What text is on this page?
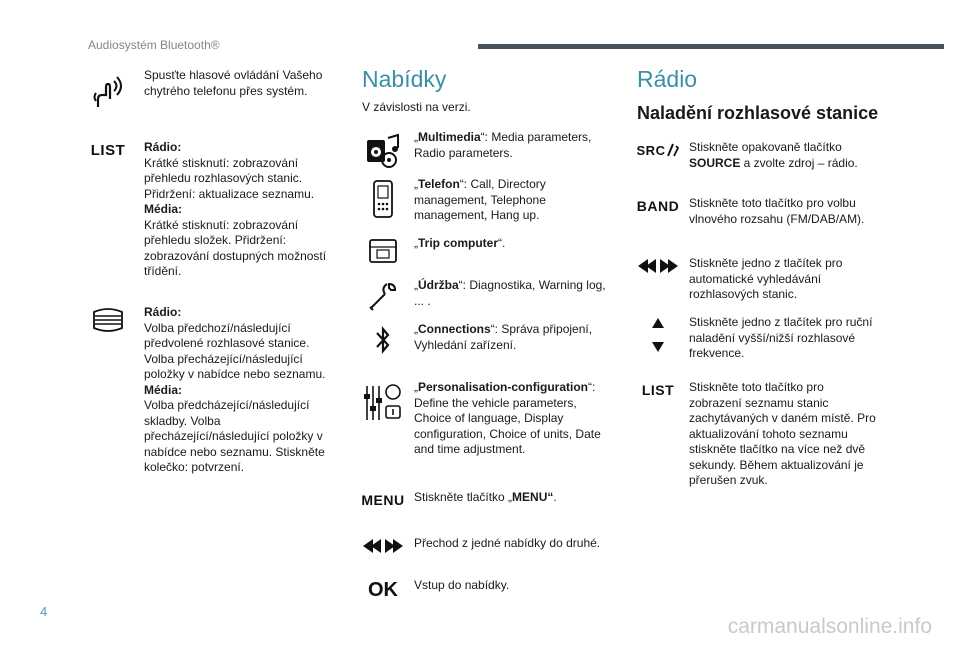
Audiosystém Bluetooth®
Spusťte hlasové ovládání Vašeho chytrého telefonu přes systém.
LIST	Rádio:
Krátké stisknutí: zobrazování přehledu rozhlasových stanic. Přidržení: aktualizace seznamu.
Média:
Krátké stisknutí: zobrazování přehledu složek. Přidržení: zobrazování dostupných možností třídění.
Rádio:
Volba předchozí/následující předvolené rozhlasové stanice. Volba přecházející/následující položky v nabídce nebo seznamu.
Média:
Volba předcházející/následující skladby. Volba přecházející/následující položky v nabídce nebo seznamu. Stiskněte kolečko: potvrzení.
Nabídky
V závislosti na verzi.
„Multimedia“: Media parameters, Radio parameters.
„Telefon“: Call, Directory management, Telephone management, Hang up.
„Trip computer“.
„Údržba“: Diagnostika, Warning log, ... .
„Connections“: Správa připojení, Vyhledání zařízení.
„Personalisation-configuration“: Define the vehicle parameters, Choice of language, Display configuration, Choice of units, Date and time adjustment.
MENU Stiskněte tlačítko „MENU“.
Přechod z jedné nabídky do druhé.
OK	Vstup do nabídky.
Rádio
Naladění rozhlasové stanice
SRC Stiskněte opakovaně tlačítko SOURCE a zvolte zdroj – rádio.
BAND Stiskněte toto tlačítko pro volbu vlnového rozsahu (FM/DAB/AM).
Stiskněte jedno z tlačítek pro automatické vyhledávání rozhlasových stanic.
Stiskněte jedno z tlačítek pro ruční naladění vyšší/nižší rozhlasové frekvence.
LIST	Stiskněte toto tlačítko pro zobrazení seznamu stanic zachytávaných v daném místě. Pro aktualizování tohoto seznamu stiskněte tlačítko na více než dvě sekundy. Během aktualizování je přerušen zvuk.
4
carmanualsonline.info
